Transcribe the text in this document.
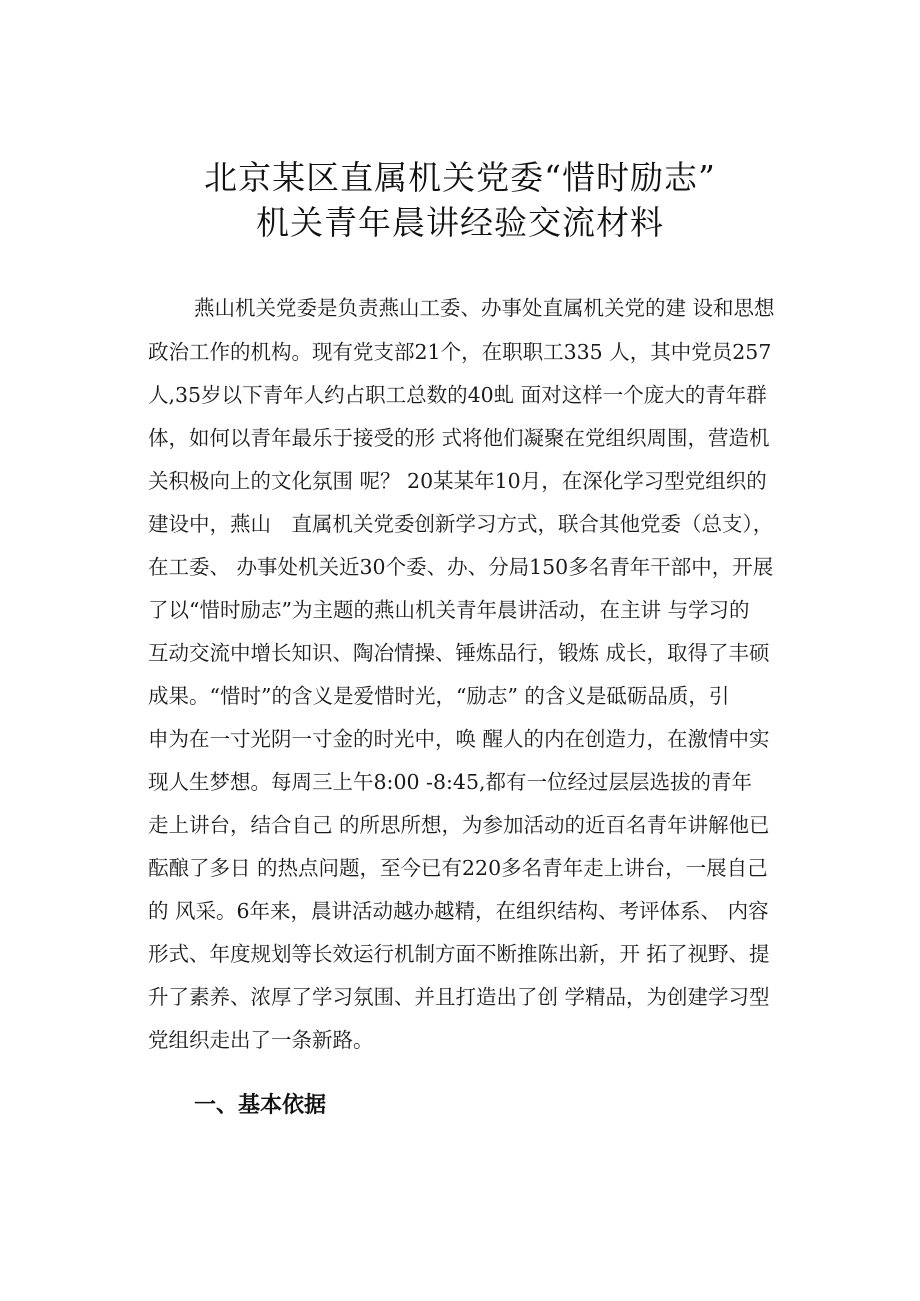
北京某区直属机关党委“惜时励志”
机关青年晨讲经验交流材料
燕山机关党委是负责燕山工委、办事处直属机关党的建 设和思想
政治工作的机构。现有党支部21个，在职职工335 人，其中党员257
人,35岁以下青年人约占职工总数的40虬 面对这样一个庞大的青年群
体，如何以青年最乐于接受的形 式将他们凝聚在党组织周围，营造机
关积极向上的文化氛围 呢？ 20某某年10月，在深化学习型党组织的
建设中，燕山　直属机关党委创新学习方式，联合其他党委（总支），
在工委、 办事处机关近30个委、办、分局150多名青年干部中，开展
了以“惜时励志”为主题的燕山机关青年晨讲活动，在主讲 与学习的
互动交流中增长知识、陶冶情操、锤炼品行，锻炼 成长，取得了丰硕
成果。“惜时”的含义是爱惜时光，“励志” 的含义是砥砺品质，引
申为在一寸光阴一寸金的时光中，唤 醒人的内在创造力，在激情中实
现人生梦想。每周三上午8:00 -8:45,都有一位经过层层选拔的青年
走上讲台，结合自己 的所思所想，为参加活动的近百名青年讲解他已
酝酿了多日 的热点问题，至今已有220多名青年走上讲台，一展自己
的 风采。6年来，晨讲活动越办越精，在组织结构、考评体系、 内容
形式、年度规划等长效运行机制方面不断推陈出新，开 拓了视野、提
升了素养、浓厚了学习氛围、并且打造出了创 学精品，为创建学习型
党组织走出了一条新路。
一、基本依据
